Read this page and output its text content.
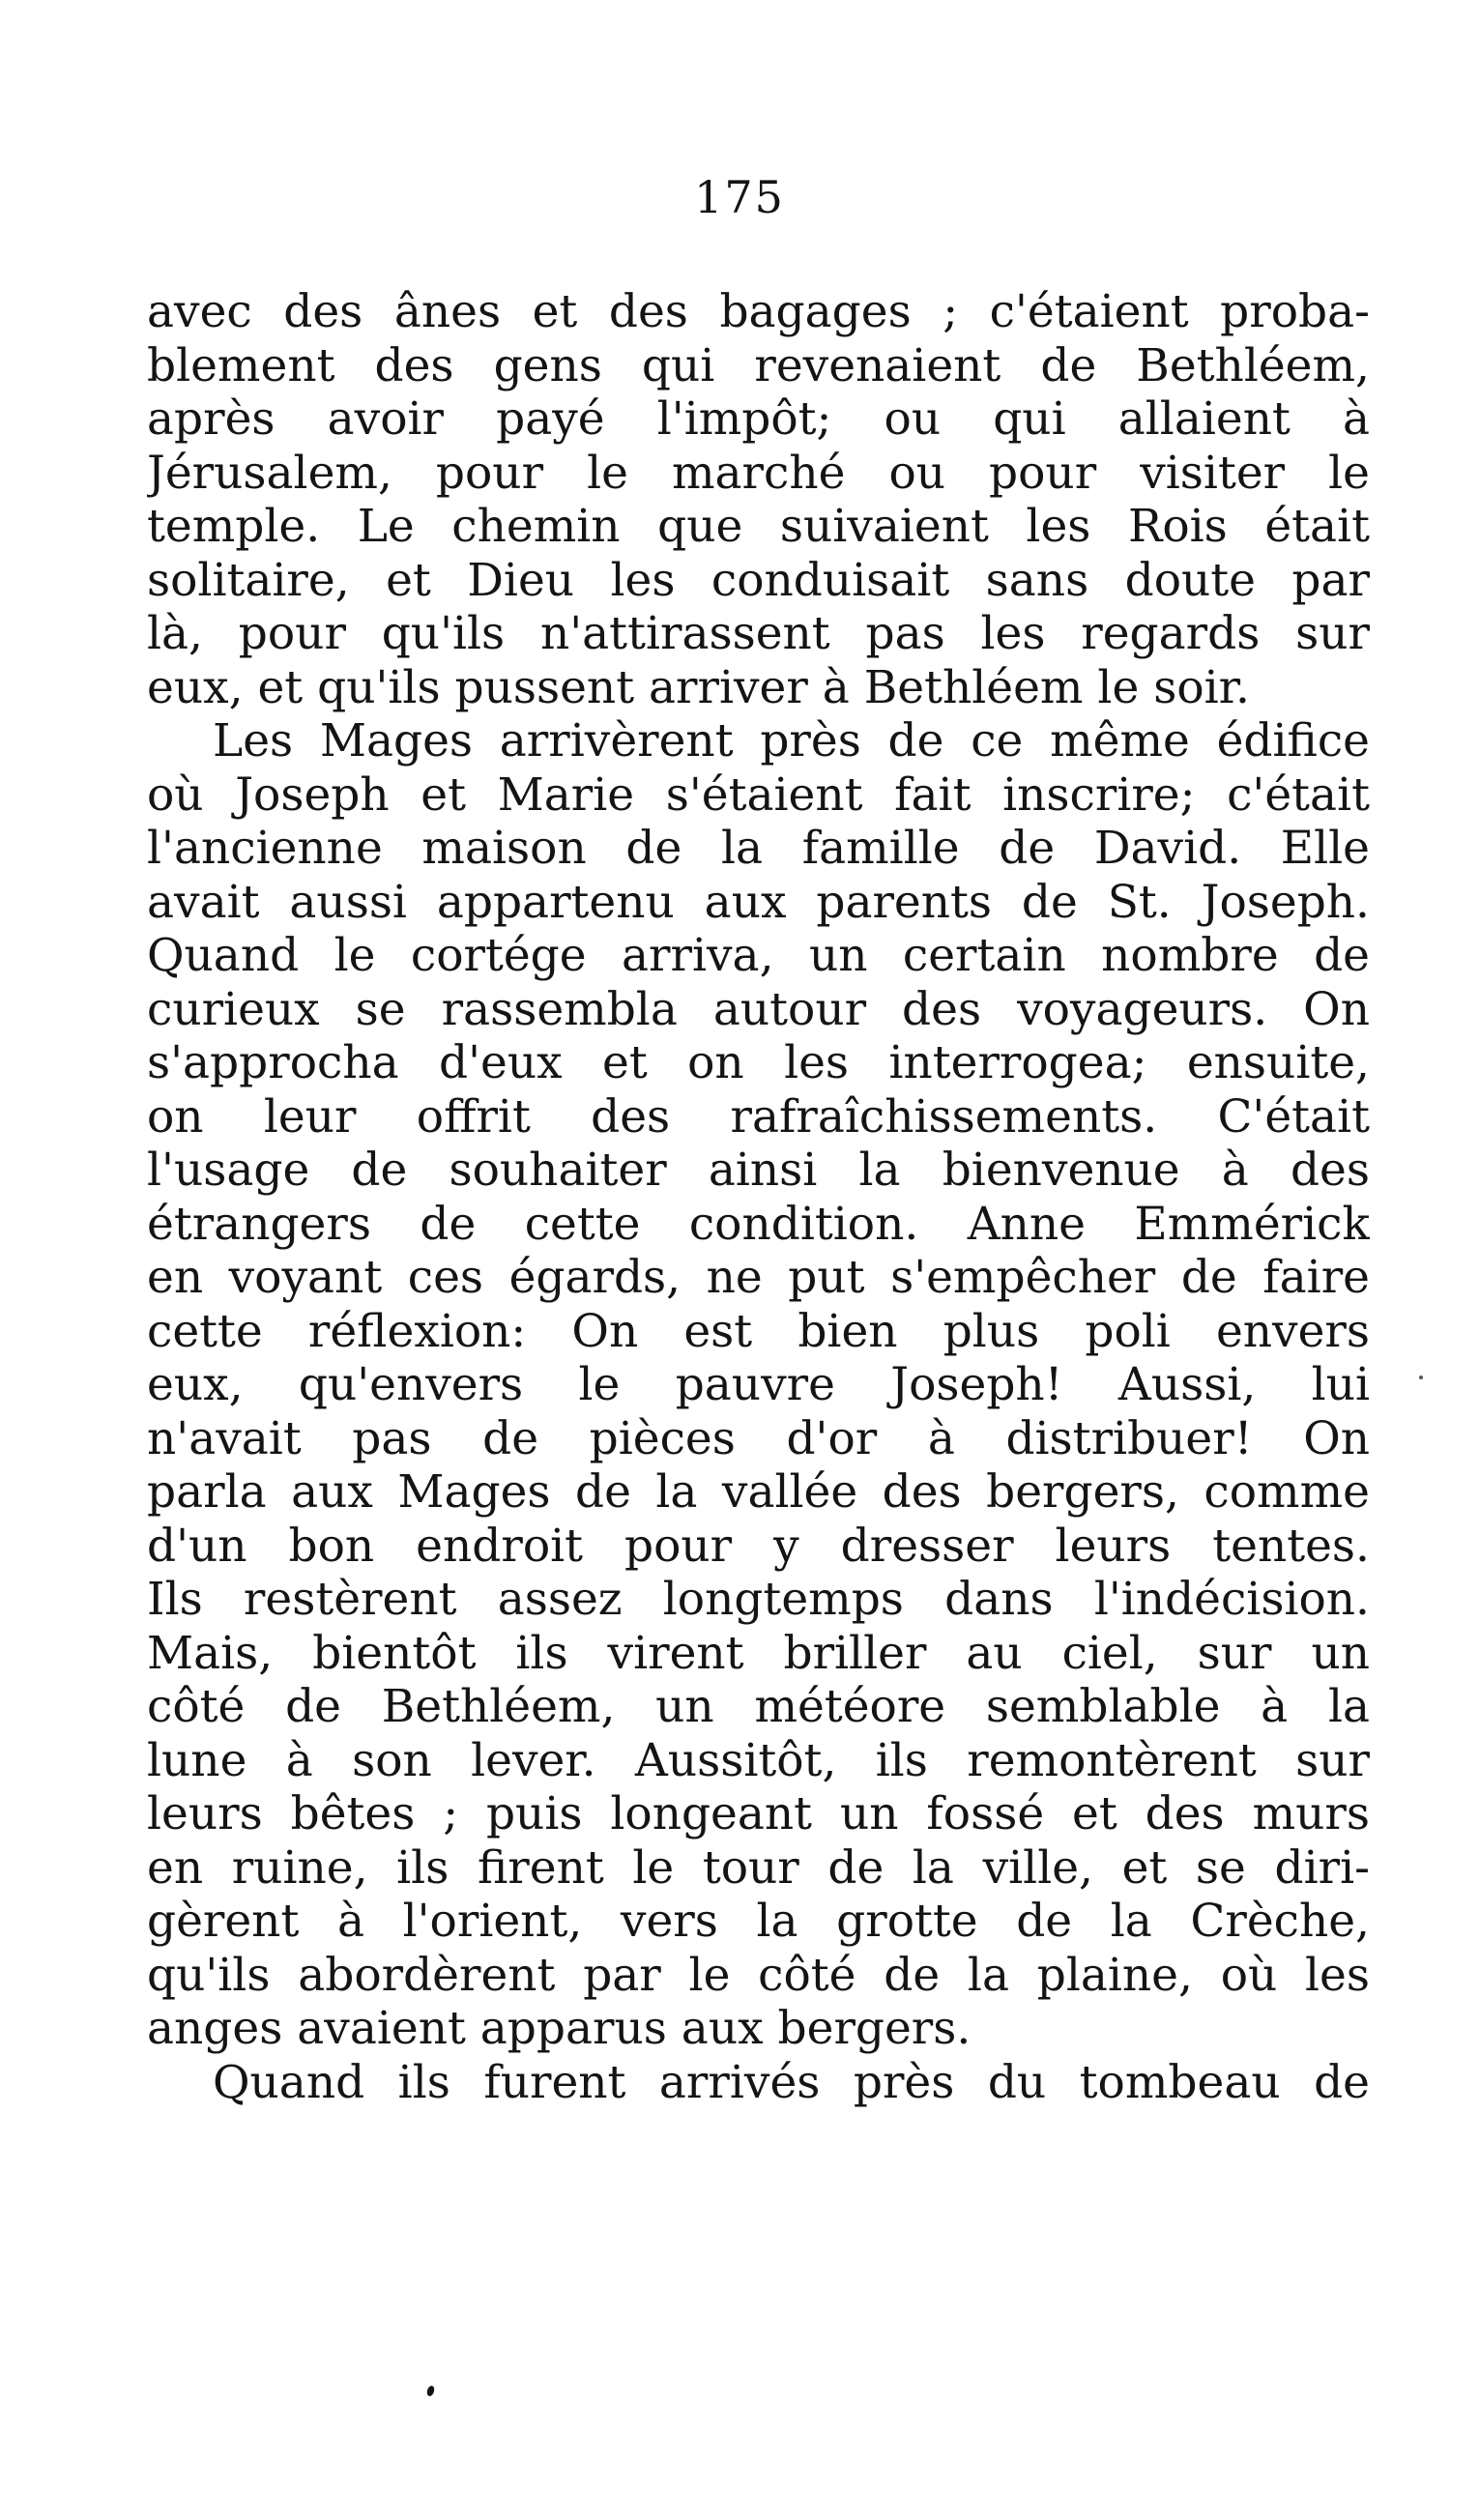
175
avec des ânes et des bagages ; c'étaient proba-
blement des gens qui revenaient de Bethléem,
après avoir payé l'impôt; ou qui allaient à
Jérusalem, pour le marché ou pour visiter le
temple. Le chemin que suivaient les Rois était
solitaire, et Dieu les conduisait sans doute par
là, pour qu'ils n'attirassent pas les regards sur
eux, et qu'ils pussent arriver à Bethléem le soir.
Les Mages arrivèrent près de ce même édifice
où Joseph et Marie s'étaient fait inscrire; c'était
l'ancienne maison de la famille de David. Elle
avait aussi appartenu aux parents de St. Joseph.
Quand le cortége arriva, un certain nombre de
curieux se rassembla autour des voyageurs. On
s'approcha d'eux et on les interrogea; ensuite,
on leur offrit des rafraîchissements. C'était
l'usage de souhaiter ainsi la bienvenue à des
étrangers de cette condition. Anne Emmérick
en voyant ces égards, ne put s'empêcher de faire
cette réflexion: On est bien plus poli envers
eux, qu'envers le pauvre Joseph! Aussi, lui
n'avait pas de pièces d'or à distribuer! On
parla aux Mages de la vallée des bergers, comme
d'un bon endroit pour y dresser leurs tentes.
Ils restèrent assez longtemps dans l'indécision.
Mais, bientôt ils virent briller au ciel, sur un
côté de Bethléem, un météore semblable à la
lune à son lever. Aussitôt, ils remontèrent sur
leurs bêtes ; puis longeant un fossé et des murs
en ruine, ils firent le tour de la ville, et se diri-
gèrent à l'orient, vers la grotte de la Crèche,
qu'ils abordèrent par le côté de la plaine, où les
anges avaient apparus aux bergers.
Quand ils furent arrivés près du tombeau de
